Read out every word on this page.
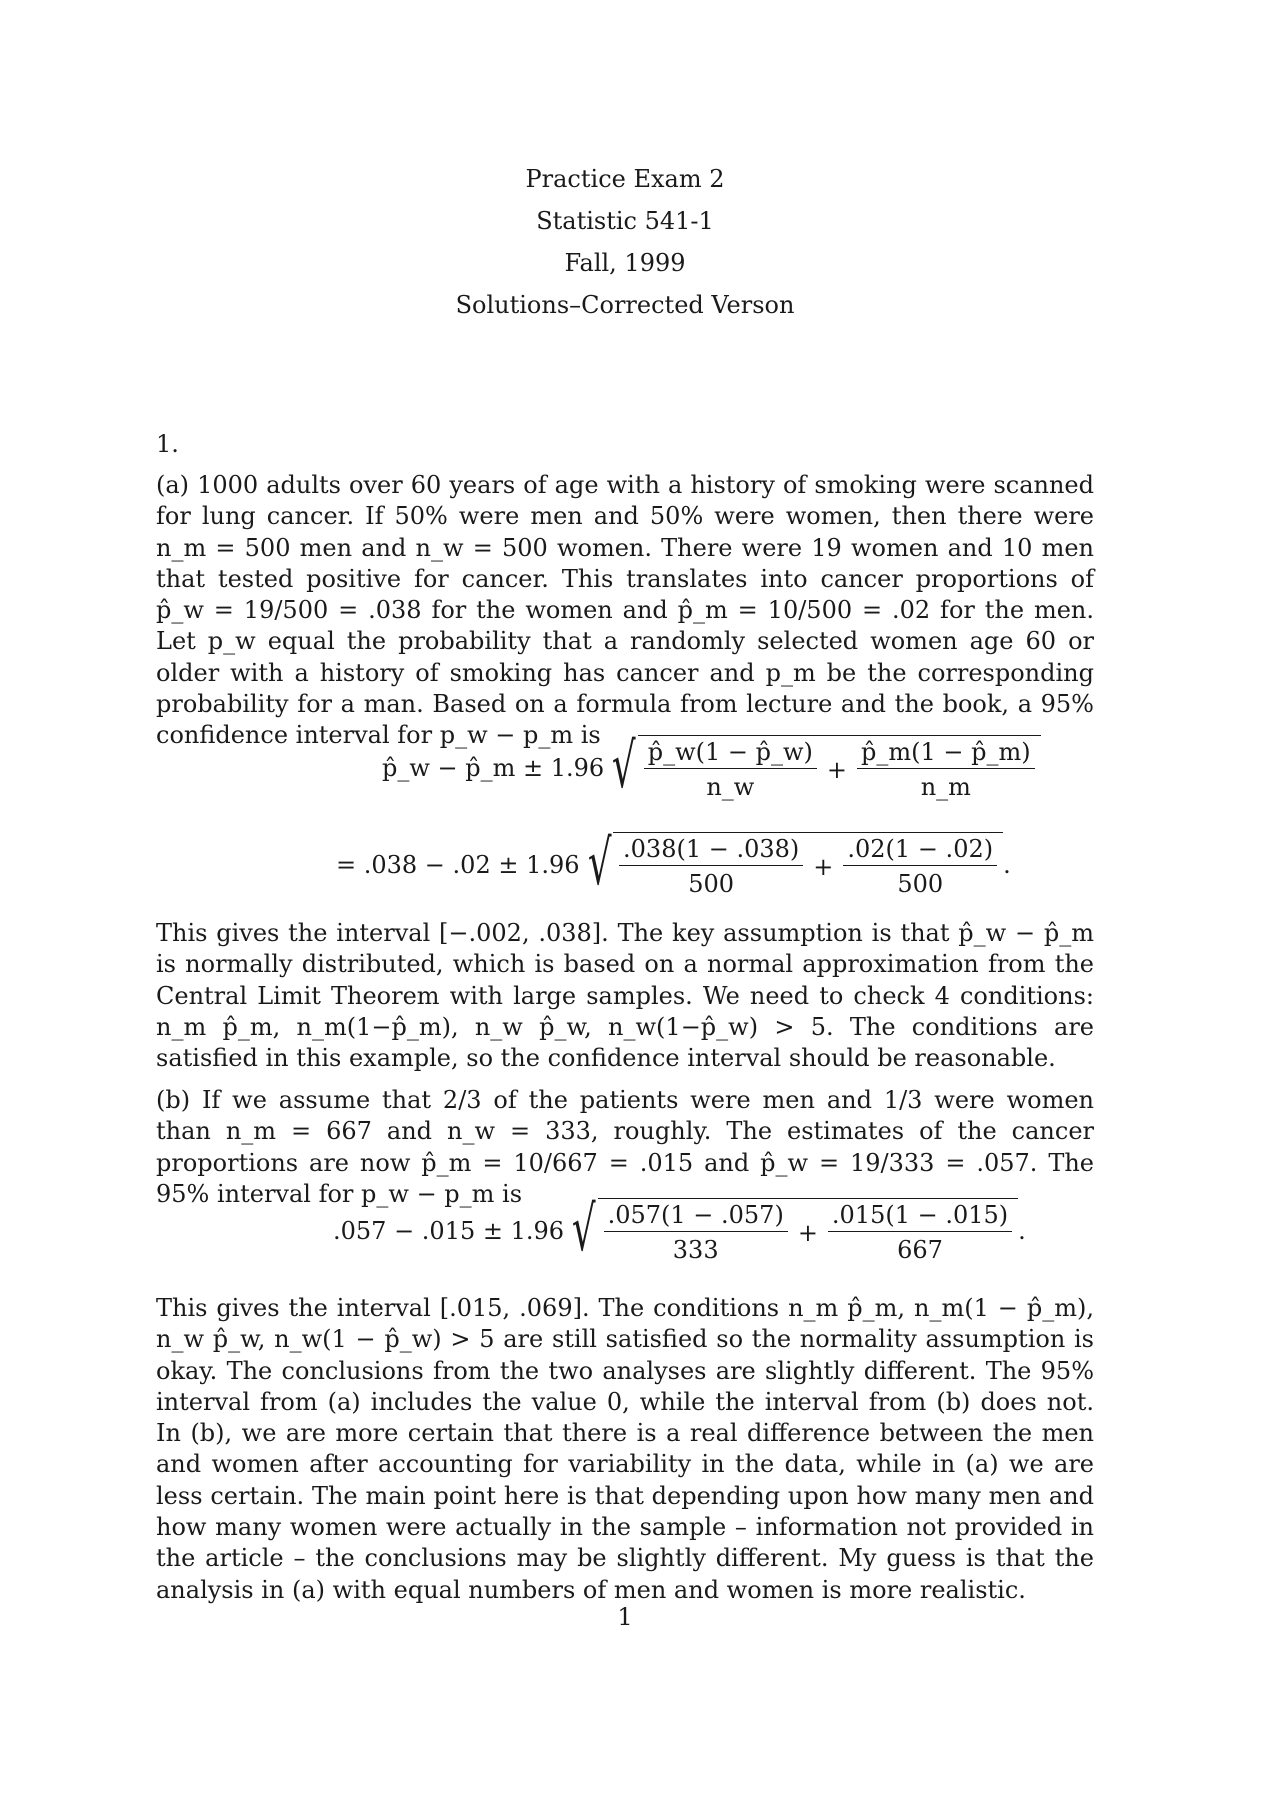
Practice Exam 2
Statistic 541-1
Fall, 1999
Solutions–Corrected Verson
1.
(a) 1000 adults over 60 years of age with a history of smoking were scanned for lung cancer. If 50% were men and 50% were women, then there were n_m = 500 men and n_w = 500 women. There were 19 women and 10 men that tested positive for cancer. This translates into cancer proportions of p̂_w = 19/500 = .038 for the women and p̂_m = 10/500 = .02 for the men. Let p_w equal the probability that a randomly selected women age 60 or older with a history of smoking has cancer and p_m be the corresponding probability for a man. Based on a formula from lecture and the book, a 95% confidence interval for p_w − p_m is
p̂_w − p̂_m ± 1.96 √ $\frac{p̂\_w(1 - p̂\_w)}{n\_w} + \frac{p̂\_m(1 - p̂\_m)}{n\_m}$
= .038 − .02 ± 1.96 √ $\frac{.038(1 - .038)}{500} + \frac{.02(1 - .02)}{500}$ .
This gives the interval [−.002, .038]. The key assumption is that p̂_w − p̂_m is normally distributed, which is based on a normal approximation from the Central Limit Theorem with large samples. We need to check 4 conditions: n_m p̂_m, n_m(1−p̂_m), n_w p̂_w, n_w(1−p̂_w) > 5. The conditions are satisfied in this example, so the confidence interval should be reasonable.
(b) If we assume that 2/3 of the patients were men and 1/3 were women than n_m = 667 and n_w = 333, roughly. The estimates of the cancer proportions are now p̂_m = 10/667 = .015 and p̂_w = 19/333 = .057. The 95% interval for p_w − p_m is
.057 − .015 ± 1.96 √ $\frac{.057(1 - .057)}{333} + \frac{.015(1 - .015)}{667}$ .
This gives the interval [.015, .069]. The conditions n_m p̂_m, n_m(1 − p̂_m), n_w p̂_w, n_w(1 − p̂_w) > 5 are still satisfied so the normality assumption is okay. The conclusions from the two analyses are slightly different. The 95% interval from (a) includes the value 0, while the interval from (b) does not. In (b), we are more certain that there is a real difference between the men and women after accounting for variability in the data, while in (a) we are less certain. The main point here is that depending upon how many men and how many women were actually in the sample – information not provided in the article – the conclusions may be slightly different. My guess is that the analysis in (a) with equal numbers of men and women is more realistic.
1
